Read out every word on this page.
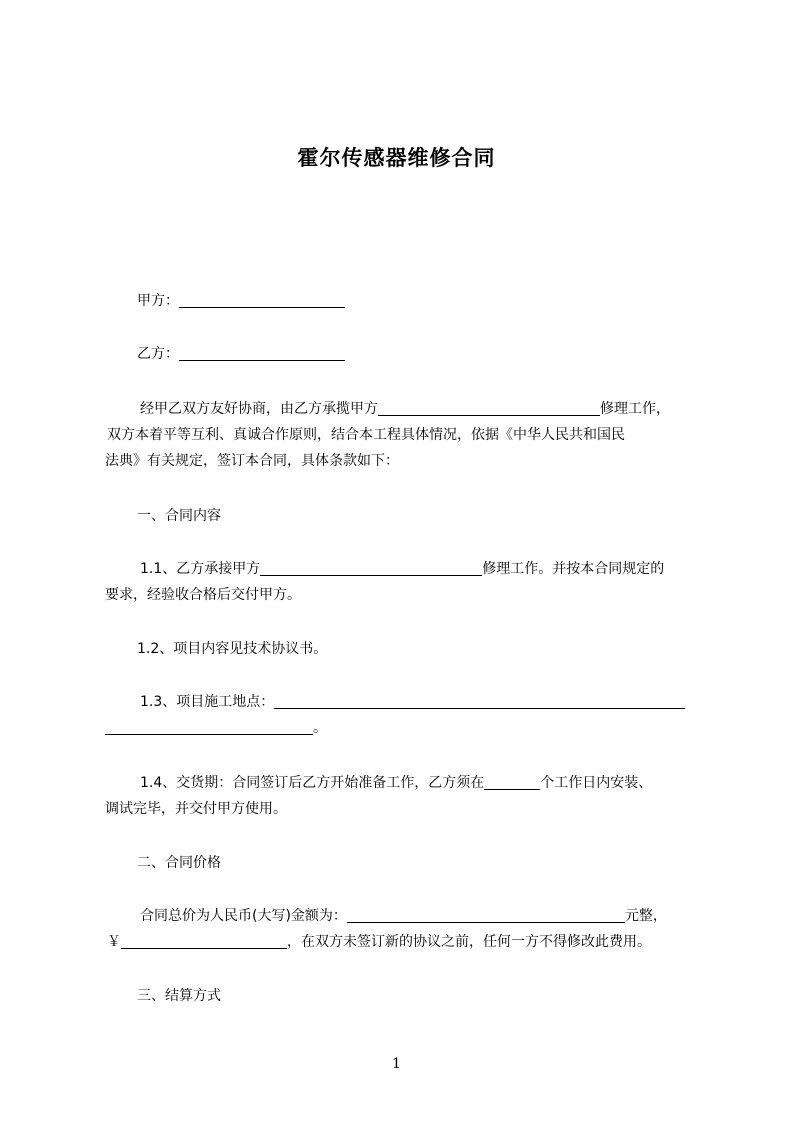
霍尔传感器维修合同
甲方：
乙方：
经甲乙双方友好协商，由乙方承揽甲方	修理工作，
双方本着平等互利、真诚合作原则，结合本工程具体情况，依据《中华人民共和国民
法典》有关规定，签订本合同，具体条款如下：
一、合同内容
1.1、乙方承接甲方	修理工作。并按本合同规定的
要求，经验收合格后交付甲方。
1.2、项目内容见技术协议书。
1.3、项目施工地点：
。
1.4、交货期：合同签订后乙方开始准备工作，乙方须在	个工作日内安装、
调试完毕，并交付甲方使用。
二、合同价格
合同总价为人民币(大写)金额为：	元整，
￥	，在双方未签订新的协议之前，任何一方不得修改此费用。
三、结算方式
1
